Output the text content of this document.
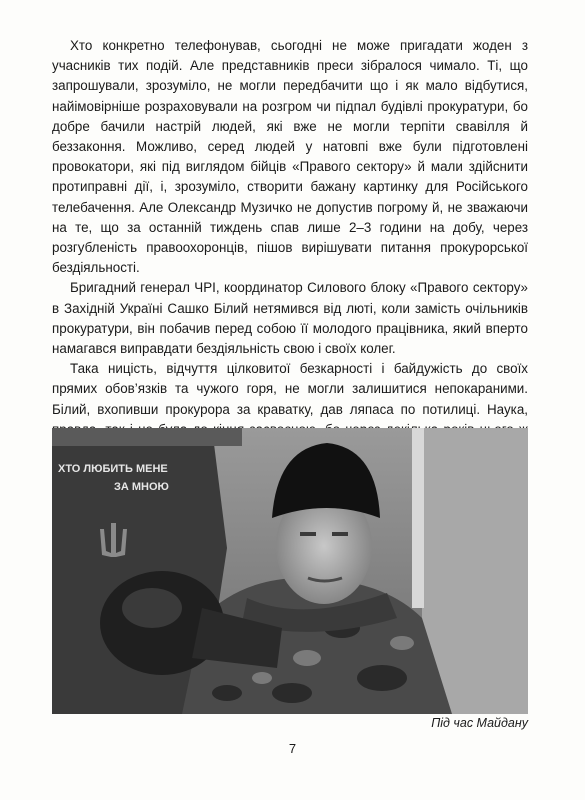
Хто конкретно телефонував, сьогодні не може пригадати жоден з учасників тих подій. Але представників преси зібралося чимало. Ті, що запрошували, зрозуміло, не могли передбачити що і як мало відбутися, найімовірніше розраховували на розгром чи підпал будівлі прокуратури, бо добре бачили настрій людей, які вже не могли терпіти свавілля й беззаконня. Можливо, серед людей у натовпі вже були підготовлені провокатори, які під виглядом бійців «Правого сектору» й мали здійснити протиправні дії, і, зрозуміло, створити бажану картинку для Російського телебачення. Але Олександр Музичко не допустив погрому й, не зважаючи на те, що за останній тиждень спав лише 2–3 години на добу, через розгубленість правоохоронців, пішов вирішувати питання прокурорської бездіяльності.

Бригадний генерал ЧРІ, координатор Силового блоку «Правого сектору» в Західній Україні Сашко Білий нетямився від люті, коли замість очільників прокуратури, він побачив перед собою її молодого працівника, який вперто намагався виправдати бездіяльність свою і своїх колег.

Така ницість, відчуття цілковитої безкарності і байдужість до своїх прямих обов’язків та чужого горя, не могли залишитися непокараними. Білий, вхопивши прокурора за краватку, дав ляпаса по потилиці. Наука,

ХТО ЛЮБИТЬ МЕНЕ
ЗА МНОЮ
Під час Майдану
7
